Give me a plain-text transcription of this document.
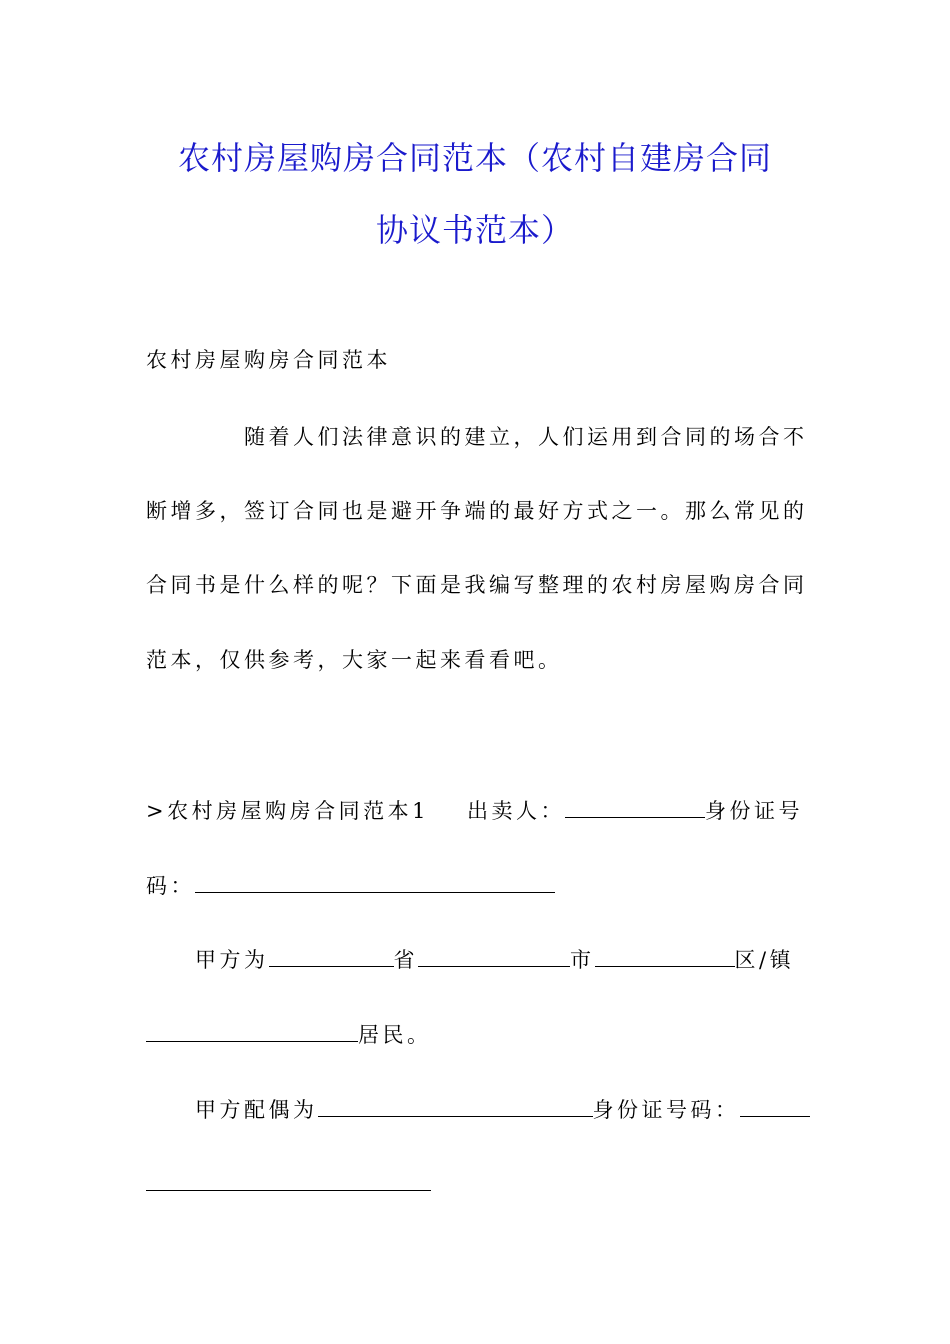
农村房屋购房合同范本（农村自建房合同
协议书范本）
农村房屋购房合同范本
随着人们法律意识的建立，人们运用到合同的场合不
断增多，签订合同也是避开争端的最好方式之一。那么常见的
合同书是什么样的呢？下面是我编写整理的农村房屋购房合同
范本，仅供参考，大家一起来看看吧。
>农村房屋购房合同范本1 出卖人：	身份证号
码：
甲方为	省	市	区/镇
居民。
甲方配偶为	身份证号码：
